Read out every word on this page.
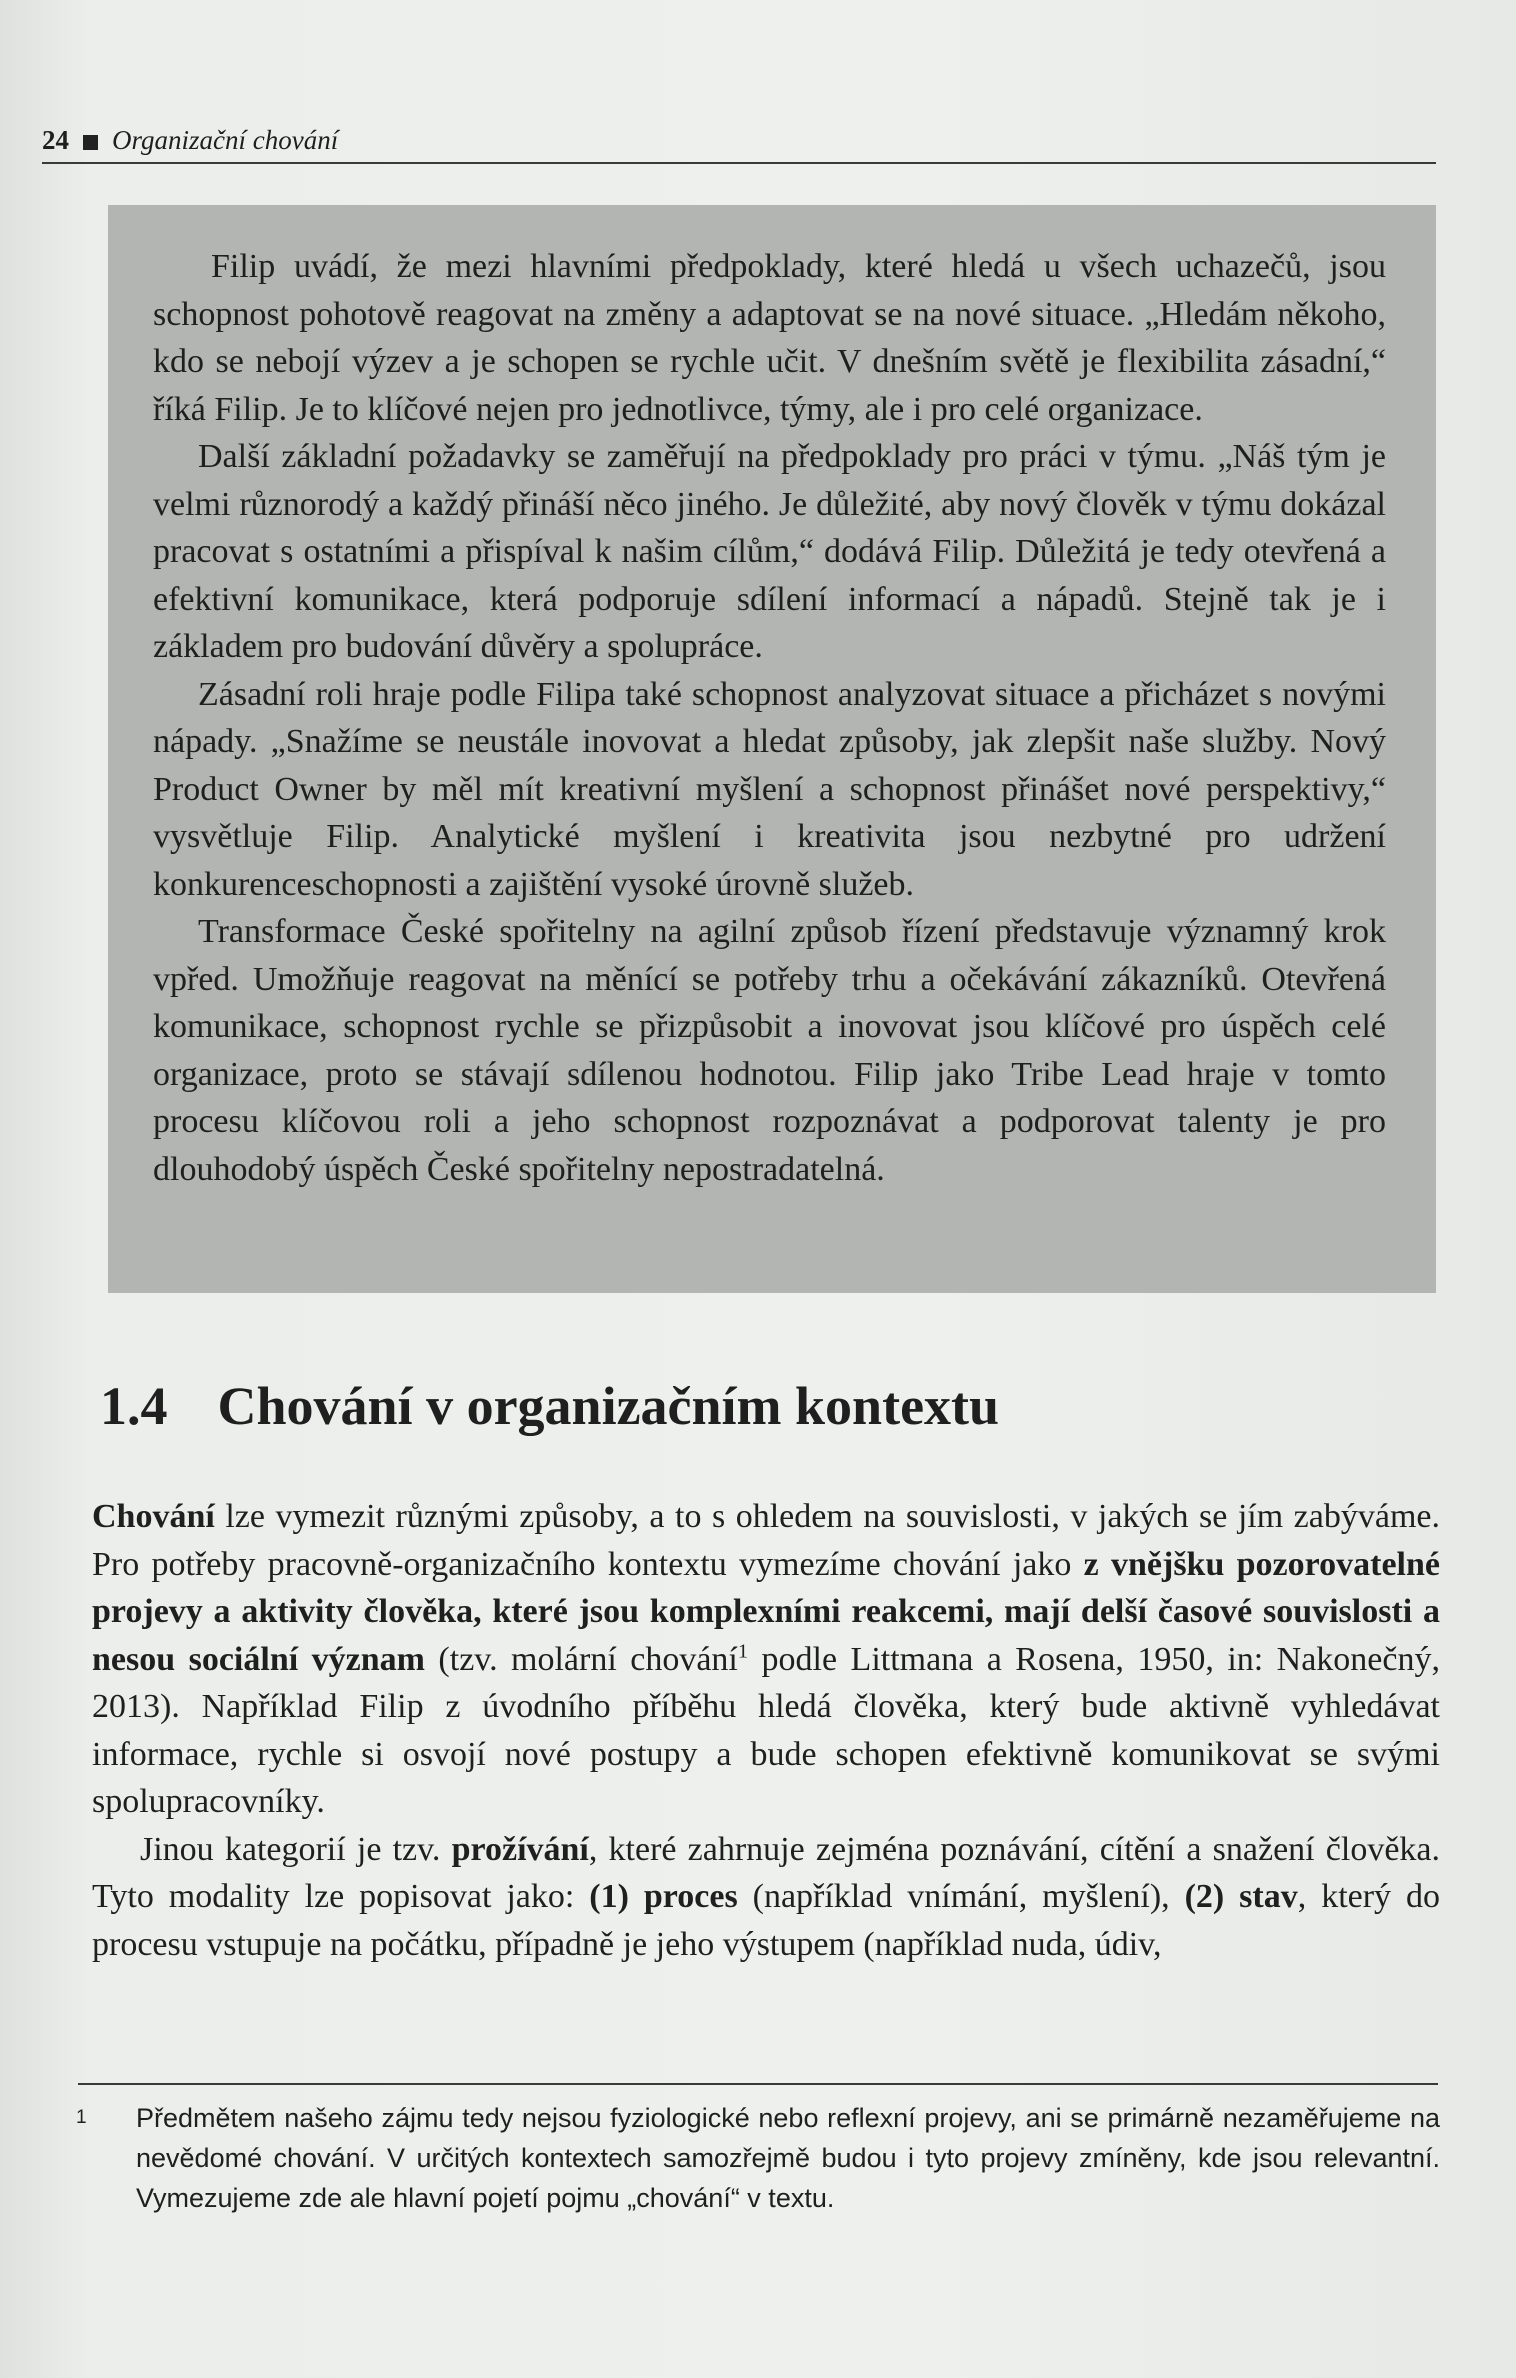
24 Organizační chování

Filip uvádí, že mezi hlavními předpoklady, které hledá u všech uchazečů, jsou schopnost pohotově reagovat na změny a adaptovat se na nové situace. „Hledám někoho, kdo se nebojí výzev a je schopen se rychle učit. V dnešním světě je flexibilita zásadní,“ říká Filip. Je to klíčové nejen pro jednotlivce, týmy, ale i pro celé organizace.

Další základní požadavky se zaměřují na předpoklady pro práci v týmu. „Náš tým je velmi různorodý a každý přináší něco jiného. Je důležité, aby nový člověk v týmu dokázal pracovat s ostatními a přispíval k našim cílům,“ dodává Filip. Důležitá je tedy otevřená a efektivní komunikace, která podporuje sdílení informací a nápadů. Stejně tak je i základem pro budování důvěry a spolupráce.

Zásadní roli hraje podle Filipa také schopnost analyzovat situace a přicházet s novými nápady. „Snažíme se neustále inovovat a hledat způsoby, jak zlepšit naše služby. Nový Product Owner by měl mít kreativní myšlení a schopnost přinášet nové perspektivy,“ vysvětluje Filip. Analytické myšlení i kreativita jsou nezbytné pro udržení konkurenceschopnosti a zajištění vysoké úrovně služeb.

Transformace České spořitelny na agilní způsob řízení představuje významný krok vpřed. Umožňuje reagovat na měnící se potřeby trhu a očekávání zákazníků. Otevřená komunikace, schopnost rychle se přizpůsobit a inovovat jsou klíčové pro úspěch celé organizace, proto se stávají sdílenou hodnotou. Filip jako Tribe Lead hraje v tomto procesu klíčovou roli a jeho schopnost rozpoznávat a podporovat talenty je pro dlouhodobý úspěch České spořitelny nepostradatelná.

1.4 Chování v organizačním kontextu

Chování lze vymezit různými způsoby, a to s ohledem na souvislosti, v jakých se jím zabýváme. Pro potřeby pracovně-organizačního kontextu vymezíme chování jako z vnějšku pozorovatelné projevy a aktivity člověka, které jsou komplexními reakcemi, mají delší časové souvislosti a nesou sociální význam (tzv. molární chování$^1$ podle Littmana a Rosena, 1950, in: Nakonečný, 2013). Například Filip z úvodního příběhu hledá člověka, který bude aktivně vyhledávat informace, rychle si osvojí nové postupy a bude schopen efektivně komunikovat se svými spolupracovníky.

Jinou kategorií je tzv. prožívání, které zahrnuje zejména poznávání, cítění a snažení člověka. Tyto modality lze popisovat jako: (1) proces (například vnímání, myšlení), (2) stav, který do procesu vstupuje na počátku, případně je jeho výstupem (například nuda, údiv,

1	Předmětem našeho zájmu tedy nejsou fyziologické nebo reflexní projevy, ani se primárně nezaměřujeme na nevědomé chování. V určitých kontextech samozřejmě budou i tyto projevy zmíněny, kde jsou relevantní. Vymezujeme zde ale hlavní pojetí pojmu „chování“ v textu.
